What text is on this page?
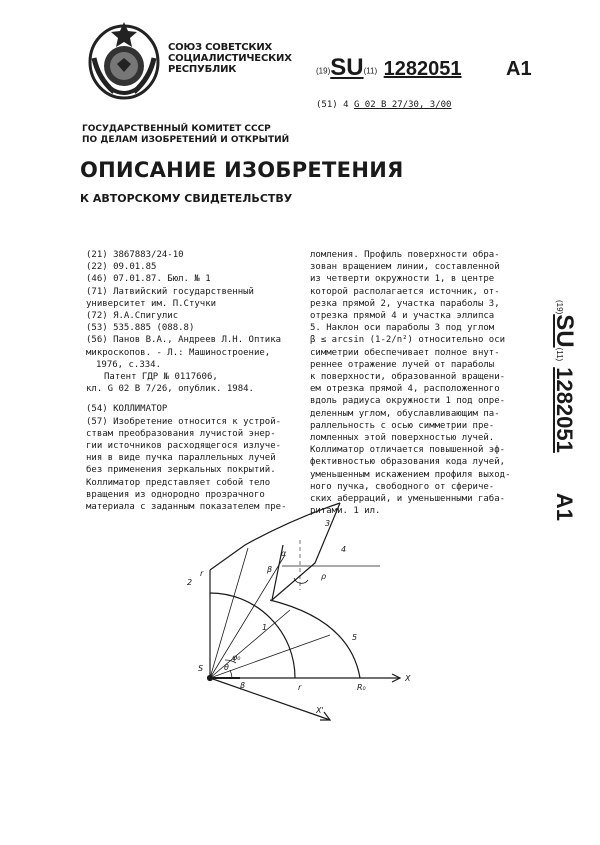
СОЮЗ СОВЕТСКИХ
СОЦИАЛИСТИЧЕСКИХ
РЕСПУБЛИК	(19)SU(11) 1282051 A1
(51) 4 G 02 B 27/30, 3/00
ГОСУДАРСТВЕННЫЙ КОМИТЕТ СССР
ПО ДЕЛАМ ИЗОБРЕТЕНИЙ И ОТКРЫТИЙ
ОПИСАНИЕ ИЗОБРЕТЕНИЯ
К АВТОРСКОМУ СВИДЕТЕЛЬСТВУ
(21) 3867883/24-10
(22) 09.01.85
(46) 07.01.87. Бюл. № 1
(71) Латвийский государственный
университет им. П.Стучки
(72) Я.А.Спигулис
(53) 535.885 (088.8)
(56) Панов В.А., Андреев Л.Н. Оптика
микроскопов. - Л.: Машиностроение,
1976, с.334.
Патент ГДР № 0117606,
кл. G 02 B 7/26, опублик. 1984.
(54) КОЛЛИМАТОР
(57) Изобретение относится к устрой-
ствам преобразования лучистой энер-
гии источников расходящегося излуче-
ния в виде пучка параллельных лучей
без применения зеркальных покрытий.
Коллиматор представляет собой тело
вращения из однородно прозрачного
материала с заданным показателем пре-
ломления. Профиль поверхности обра-
зован вращением линии, составленной
из четверти окружности 1, в центре
которой располагается источник, от-
резка прямой 2, участка параболы 3,
отрезка прямой 4 и участка эллипса
5. Наклон оси параболы 3 под углом
β ≤ arcsin (1-2/n²) относительно оси
симметрии обеспечивает полное внут-
реннее отражение лучей от параболы
к поверхности, образованной вращени-
ем отрезка прямой 4, расположенного
вдоль радиуса окружности 1 под опре-
деленным углом, обуславливающим па-
раллельность с осью симметрии пре-
ломленных этой поверхностью лучей.
Коллиматор отличается повышенной эф-
фективностью образования кода лучей,
уменьшенным искажением профиля выход-
ного пучка, свободного от сфериче-
ских аберраций, и уменьшенными габа-
ритами. 1 ил.
(19)SU(11)1282051A1
S
2
r
3
4
1
5
X
X'
r	R₀
β
α
β
ρ
θ
φ₀
